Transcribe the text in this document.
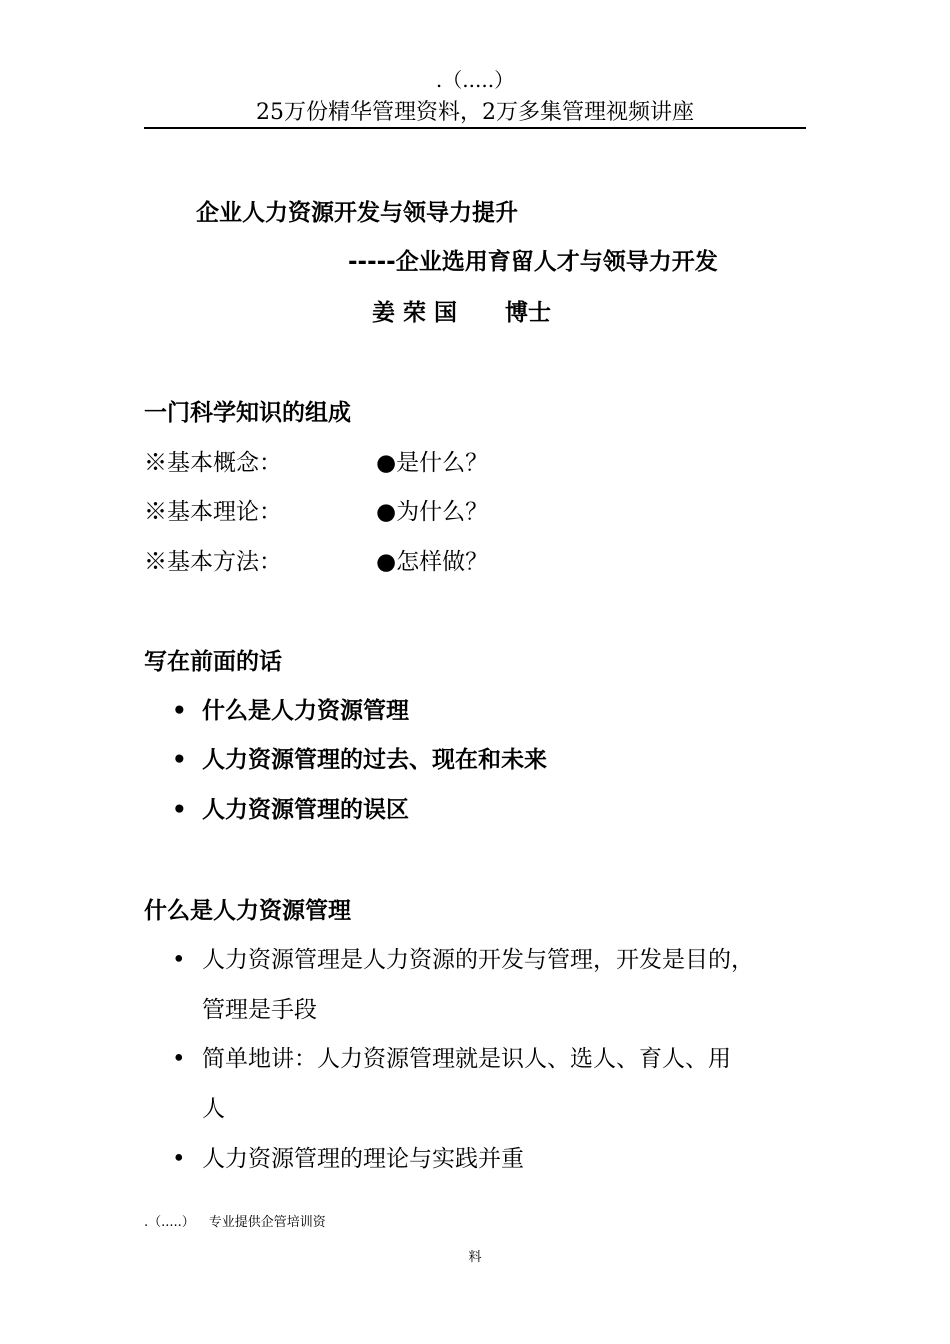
.（.....）
25万份精华管理资料，2万多集管理视频讲座
企业人力资源开发与领导力提升
-----企业选用育留人才与领导力开发
姜荣国 博士
一门科学知识的组成
※基本概念：	●是什么？
※基本理论：	●为什么？
※基本方法：	●怎样做？
写在前面的话
• 什么是人力资源管理
• 人力资源管理的过去、现在和未来
• 人力资源管理的误区
什么是人力资源管理
• 人力资源管理是人力资源的开发与管理，开发是目的，
管理是手段
• 简单地讲：人力资源管理就是识人、选人、育人、用
人
• 人力资源管理的理论与实践并重
.（.....） 专业提供企管培训资
料
